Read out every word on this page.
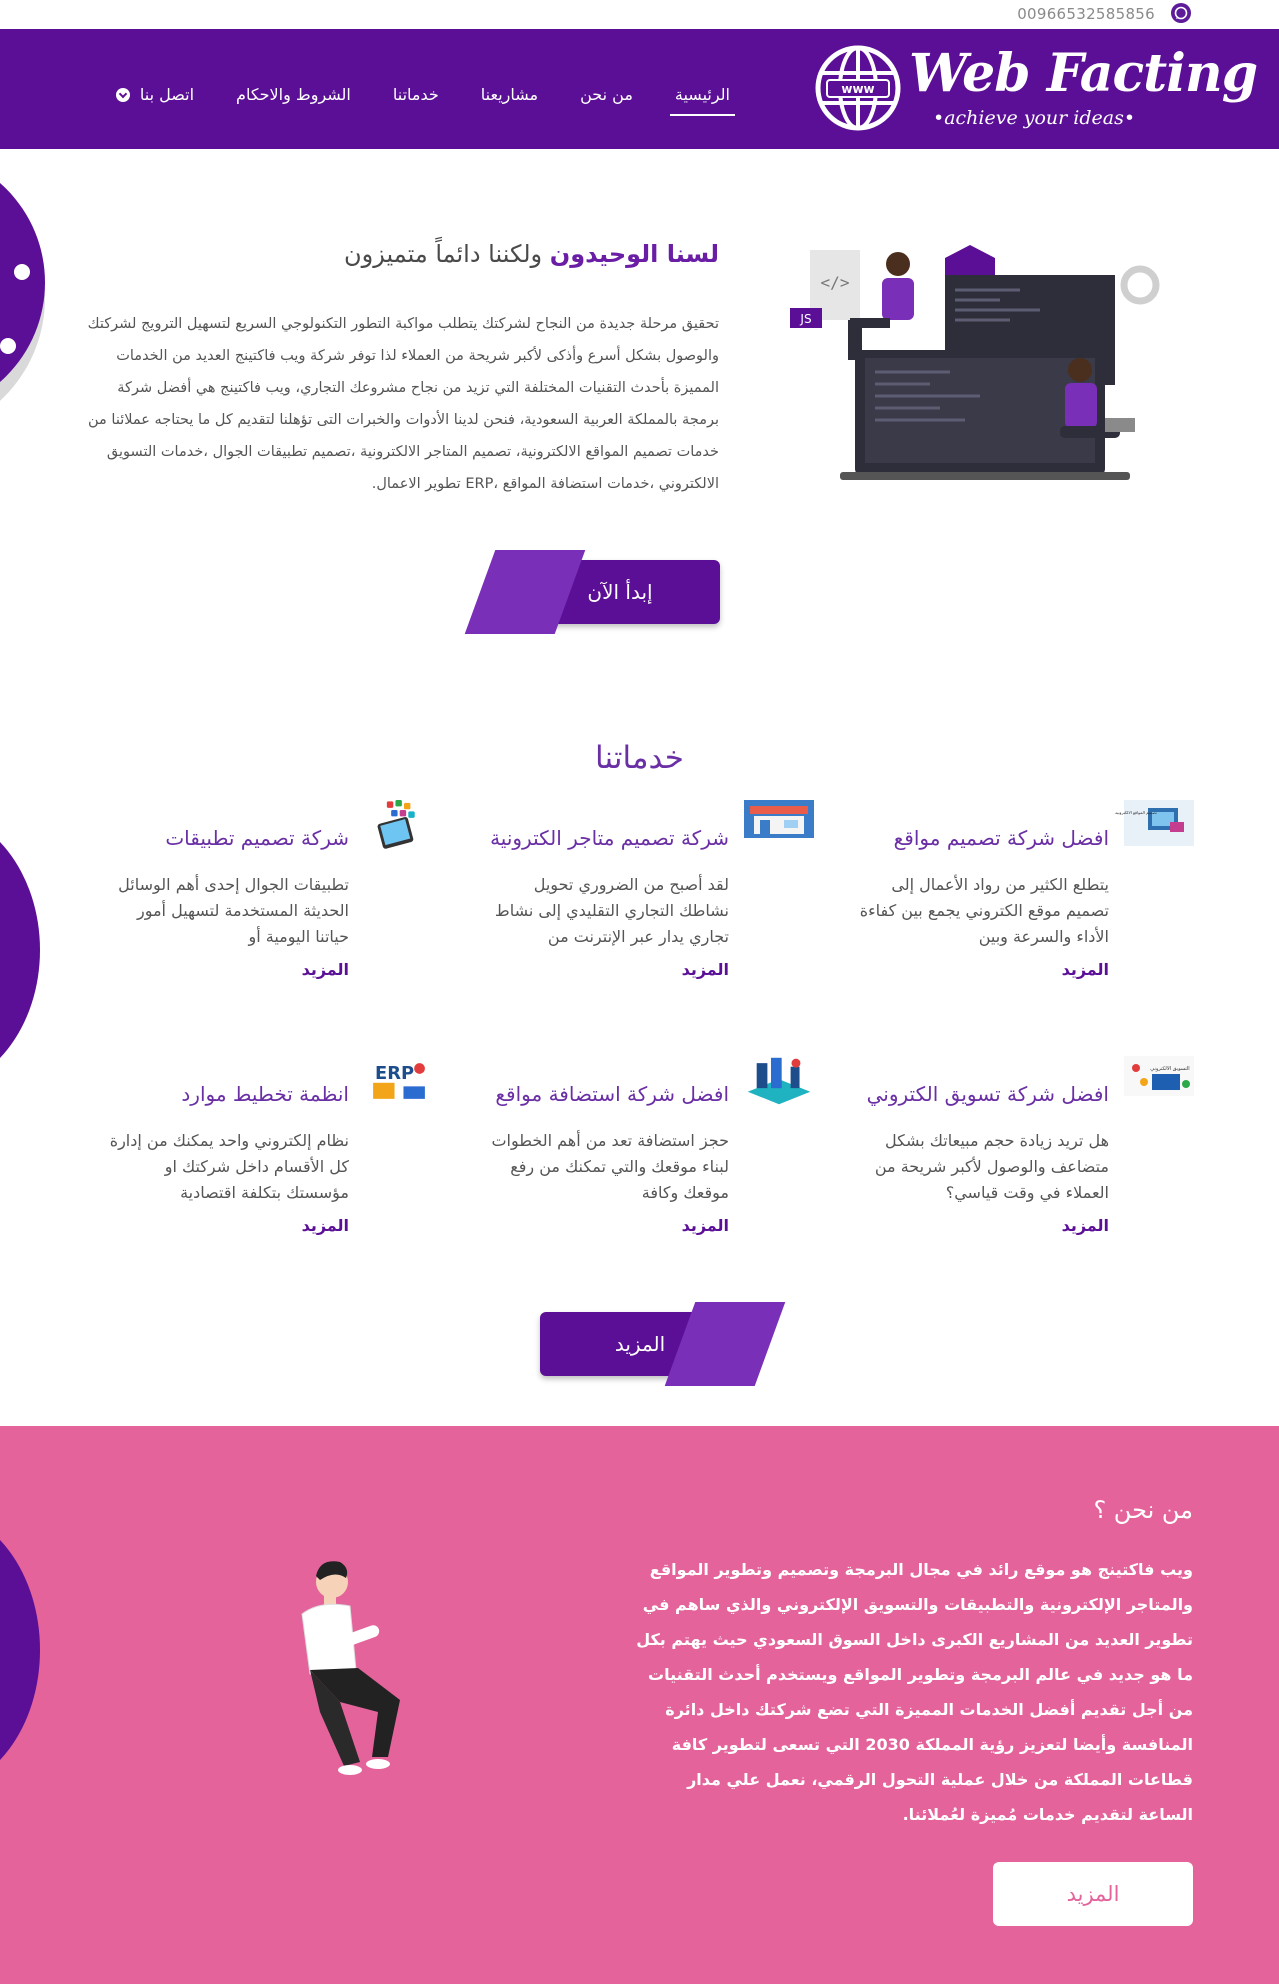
00966532585856
www Web Facting
•achieve your ideas•
الرئيسية
من نحن
مشاريعنا
خدماتنا
الشروط والاحكام
اتصل بنا
لسنا الوحيدون ولكننا دائماً متميزون

تحقيق مرحلة جديدة من النجاح لشركتك يتطلب مواكبة التطور التكنولوجي السريع لتسهيل الترويج لشركتك والوصول بشكل أسرع وأذكى لأكبر شريحة من العملاء لذا توفر شركة ويب فاكتينج العديد من الخدمات المميزة بأحدث التقنيات المختلفة التي تزيد من نجاح مشروعك التجاري، ويب فاكتينج هي أفضل شركة برمجة بالمملكة العربية السعودية، فنحن لدينا الأدوات والخبرات التى تؤهلنا لتقديم كل ما يحتاجه عملائنا من خدمات تصميم المواقع الالكترونية، تصميم المتاجر الالكترونية ،تصميم تطبيقات الجوال ،خدمات التسويق الالكتروني ،خدمات استضافة المواقع ،ERP تطوير الاعمال.

إبدأ الآن
</>
JS
خدماتنا
تصميم المواقع الالكترونية
افضل شركة تصميم مواقع

يتطلع الكثير من رواد الأعمال إلى تصميم موقع الكتروني يجمع بين كفاءة الأداء والسرعة وبين

المزيد
شركة تصميم متاجر الكترونية

لقد أصبح من الضروري تحويل نشاطك التجاري التقليدي إلى نشاط تجاري يدار عبر الإنترنت من

المزيد
شركة تصميم تطبيقات

تطبيقات الجوال إحدى أهم الوسائل الحديثة المستخدمة لتسهيل أمور حياتنا اليومية أو

المزيد
التسويق الالكتروني
افضل شركة تسويق الكتروني

هل تريد زيادة حجم مبيعاتك بشكل متضاعف والوصول لأكبر شريحة من العملاء في وقت قياسي؟

المزيد
افضل شركة استضافة مواقع

حجز استضافة تعد من أهم الخطوات لبناء موقعك والتي تمكنك من رفع موقعك وكافة

المزيد
ERP
انظمة تخطيط موارد

نظام إلكتروني واحد يمكنك من إدارة كل الأقسام داخل شركتك او مؤسستك بتكلفة اقتصادية

المزيد
المزيد
من نحن ؟

ويب فاكتينج هو موقع رائد في مجال البرمجة وتصميم وتطوير المواقع والمتاجر الإلكترونية والتطبيقات والتسويق الإلكتروني والذي ساهم في تطوير العديد من المشاريع الكبرى داخل السوق السعودي حيث يهتم بكل ما هو جديد في عالم البرمجة وتطوير المواقع ويستخدم أحدث التقنيات من أجل تقديم أفضل الخدمات المميزة التي تضع شركتك داخل دائرة المنافسة وأيضا لتعزيز رؤية المملكة 2030 التي تسعى لتطوير كافة قطاعات المملكة من خلال عملية التحول الرقمي، نعمل علي مدار الساعة لتقديم خدمات مُميزة لعُملائنا.

المزيد
